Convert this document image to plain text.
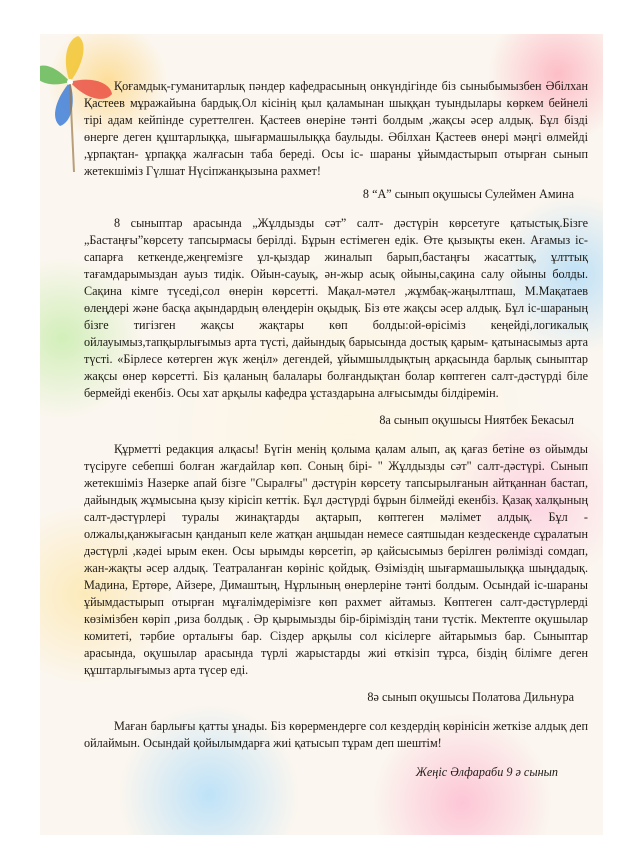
Қоғамдық-гуманитарлық пәндер кафедрасының онкүндігінде біз сыныбымызбен Әбілхан Қастеев мұражайына бардық.Ол кісінің қыл қаламынан шыққан туындылары көркем бейнелі тірі адам кейпінде суреттелген. Қастеев өнеріне тәнті болдым ,жақсы әсер алдық. Бұл бізді өнерге деген құштарлыққа, шығармашылыққа баулыды. Әбілхан Қастеев өнері мәңгі өлмейді ,ұрпақтан- ұрпаққа жалғасын таба береді. Осы іс- шараны ұйымдастырып отырған сынып жетекшіміз Гүлшат Нүсіпжанқызына рахмет!

8 “А” сынып оқушысы Сулеймен Амина

8 сыныптар арасында „Жұлдызды сәт” салт- дәстүрін көрсетуге қатыстық.Бізге „Бастаңғы”көрсету тапсырмасы берілді. Бұрын естімеген едік. Өте қызықты екен. Ағамыз іс-сапарға кеткенде,жеңгемізге ұл-қыздар жиналып барып,бастаңғы жасаттық, ұлттық тағамдарымыздан ауыз тидік. Ойын-сауық, ән-жыр асық ойыны,сақина салу ойыны болды. Сақина кімге түседі,сол өнерін көрсетті. Мақал-мәтел ,жұмбақ-жаңылтпаш, М.Мақатаев өлеңдері және басқа ақындардың өлеңдерін оқыдық. Біз өте жақсы әсер алдық. Бұл іс-шараның бізге тигізген жақсы жақтары көп болды:ой-өрісіміз кеңейді,логикалық ойлауымыз,тапқырлығымыз арта түсті, дайындық барысында достық қарым- қатынасымыз арта түсті. «Бірлесе көтерген жүк жеңіл» дегендей, ұйымшылдықтың арқасында барлық сыныптар жақсы өнер көрсетті. Біз қаланың балалары болғандықтан болар көптеген салт-дәстүрді біле бермейді екенбіз. Осы хат арқылы кафедра ұстаздарына алғысымды білдіремін.

8а сынып оқушысы Ниятбек Бекасыл

Құрметті редакция алқасы! Бүгін менің қолыма қалам алып, ақ қағаз бетіне өз ойымды түсіруге себепші болған жағдайлар көп. Соның бірі- " Жұлдызды сәт" салт-дәстүрі. Сынып жетекшіміз Назерке апай бізге "Сыралғы" дәстүрін көрсету тапсырылғанын айтқаннан бастап, дайындық жұмысына қызу кірісіп кеттік. Бұл дәстүрді бұрын білмейді екенбіз. Қазақ халқының салт-дәстүрлері туралы жинақтарды ақтарып, көптеген мәлімет алдық. Бұл - олжалы,қанжығасын қанданып келе жатқан аңшыдан немесе саятшыдан кездескенде сұралатын дәстүрлі ,кәдеі ырым екен. Осы ырымды көрсетіп, әр қайсысымыз берілген рөлімізді сомдап, жан-жақты әсер алдық. Театраланған көрініс қойдық. Өзіміздің шығармашылыққа шыңдадық. Мадина, Ертөре, Айзере, Димаштың, Нұрлының өнерлеріне тәнті болдым. Осындай іс-шараны ұйымдастырып отырған мұғалімдерімізге көп рахмет айтамыз. Көптеген салт-дәстүрлерді көзімізбен көріп ,риза болдық . Әр қырымызды бір-біріміздің тани түстік. Мектепте оқушылар комитеті, тәрбие орталығы бар. Сіздер арқылы сол кісілерге айтарымыз бар. Сыныптар арасында, оқушылар арасында түрлі жарыстарды жиі өткізіп тұрса, біздің білімге деген құштарлығымыз арта түсер еді.

8ә сынып оқушысы Полатова Дильнура

Маған барлығы қатты ұнады. Біз көрермендерге сол кездердің көрінісін жеткізе алдық деп ойлаймын. Осындай қойылымдарға жиі қатысып тұрам деп шештім!

Жеңіс Әлфараби 9 ә сынып
